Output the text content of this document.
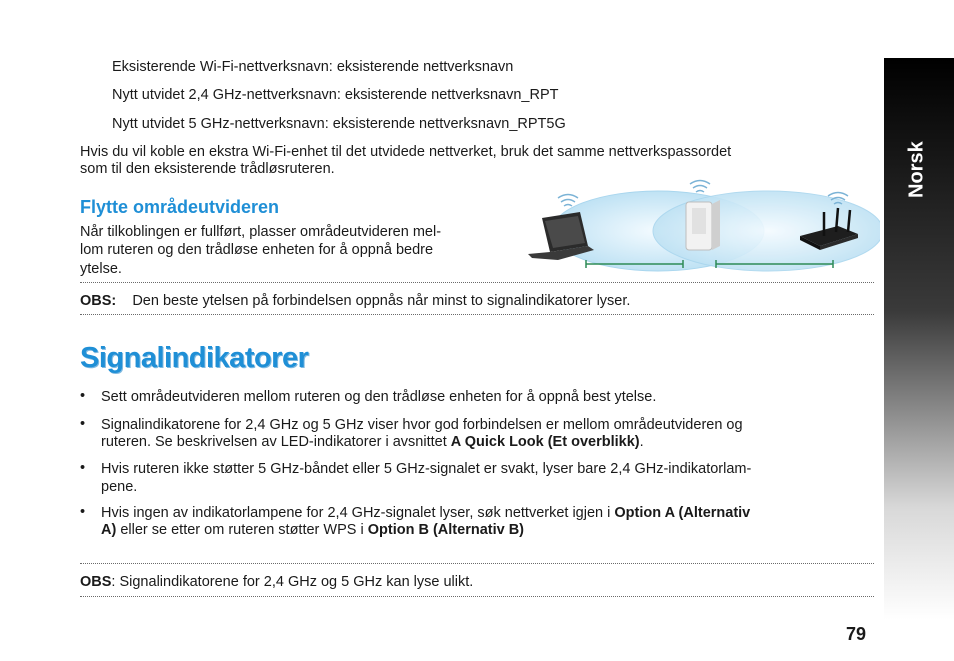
Norsk
Eksisterende Wi-Fi-nettverksnavn: eksisterende nettverksnavn
Nytt utvidet 2,4 GHz-nettverksnavn: eksisterende nettverksnavn_RPT
Nytt utvidet 5 GHz-nettverksnavn: eksisterende nettverksnavn_RPT5G
Hvis du vil koble en ekstra Wi-Fi-enhet til det utvidede nettverket, bruk det samme nettverkspassordet
som til den eksisterende trådløsruteren.
Flytte områdeutvideren
Når tilkoblingen er fullført, plasser områdeutvideren mel-
lom ruteren og den trådløse enheten for å oppnå bedre
ytelse.
OBS: Den beste ytelsen på forbindelsen oppnås når minst to signalindikatorer lyser.
Signalindikatorer
• Sett områdeutvideren mellom ruteren og den trådløse enheten for å oppnå best ytelse.
• Signalindikatorene for 2,4 GHz og 5 GHz viser hvor god forbindelsen er mellom områdeutvideren og
ruteren. Se beskrivelsen av LED-indikatorer i avsnittet A Quick Look (Et overblikk).
• Hvis ruteren ikke støtter 5 GHz-båndet eller 5 GHz-signalet er svakt, lyser bare 2,4 GHz-indikatorlam-
pene.
• Hvis ingen av indikatorlampene for 2,4 GHz-signalet lyser, søk nettverket igjen i Option A (Alternativ
A) eller se etter om ruteren støtter WPS i Option B (Alternativ B)
OBS: Signalindikatorene for 2,4 GHz og 5 GHz kan lyse ulikt.
79
